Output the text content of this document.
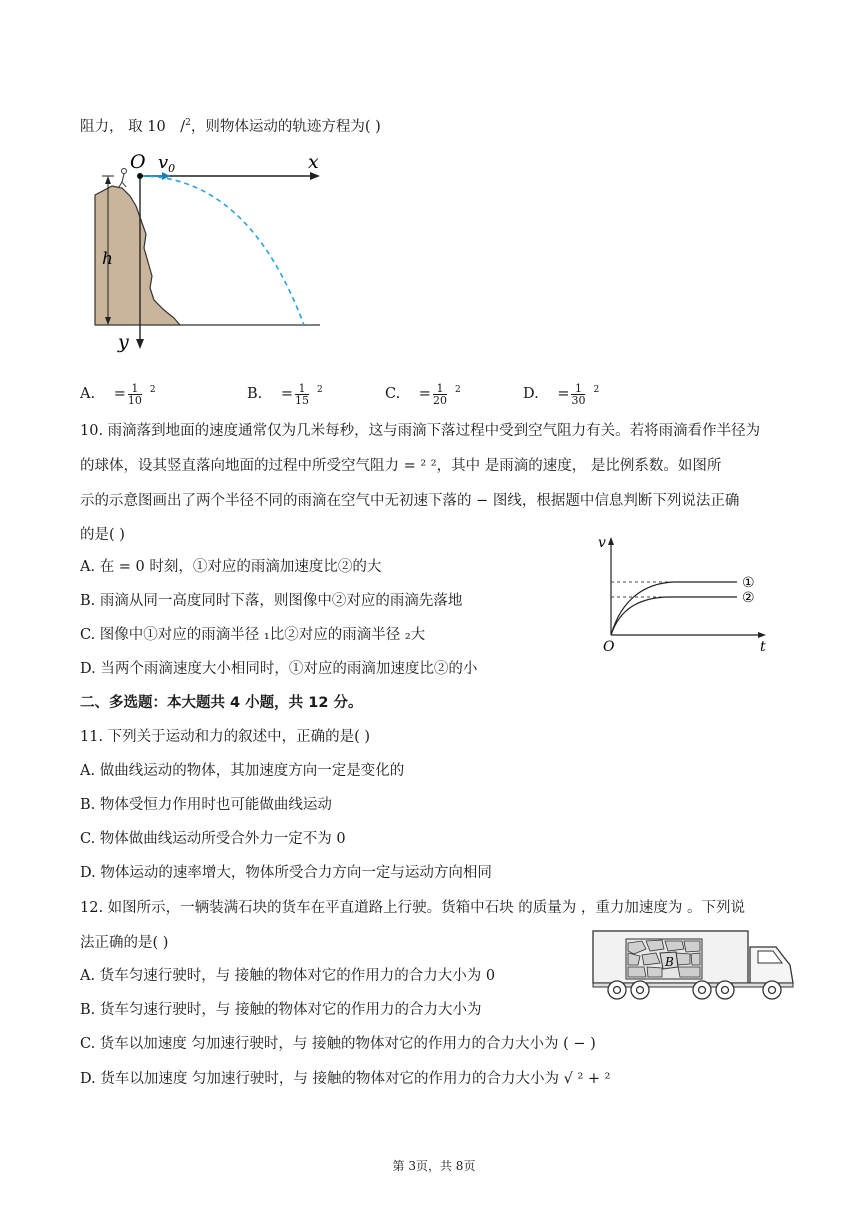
阻力， 取 10 /$^2$，则物体运动的轨迹方程为( )
O $v_0$	x
y
h
A. = $\frac{1}{10} ^2$	B. = $\frac{1}{15} ^2$	C. = $\frac{1}{20} ^2$	D. = $\frac{1}{30} ^2$
10. 雨滴落到地面的速度通常仅为几米每秒，这与雨滴下落过程中受到空气阻力有关。若将雨滴看作半径为
的球体，设其竖直落向地面的过程中所受空气阻力 = ² ²，其中 是雨滴的速度， 是比例系数。如图所
示的示意图画出了两个半径不同的雨滴在空气中无初速下落的 − 图线，根据题中信息判断下列说法正确
的是( )
A. 在 = 0 时刻，①对应的雨滴加速度比②的大
B. 雨滴从同一高度同时下落，则图像中②对应的雨滴先落地
C. 图像中①对应的雨滴半径 ₁比②对应的雨滴半径 ₂大
D. 当两个雨滴速度大小相同时，①对应的雨滴加速度比②的小
v
t
O
①
②
二、多选题：本大题共 4 小题，共 12 分。
11. 下列关于运动和力的叙述中，正确的是( )
A. 做曲线运动的物体，其加速度方向一定是变化的
B. 物体受恒力作用时也可能做曲线运动
C. 物体做曲线运动所受合外力一定不为 0
D. 物体运动的速率增大，物体所受合力方向一定与运动方向相同
12. 如图所示，一辆装满石块的货车在平直道路上行驶。货箱中石块 的质量为 ，重力加速度为 。下列说
法正确的是( )
A. 货车匀速行驶时，与 接触的物体对它的作用力的合力大小为 0
B. 货车匀速行驶时，与 接触的物体对它的作用力的合力大小为
C. 货车以加速度 匀加速行驶时，与 接触的物体对它的作用力的合力大小为 ( − )
D. 货车以加速度 匀加速行驶时，与 接触的物体对它的作用力的合力大小为 √ ² + ²
B
第 3页，共 8页
